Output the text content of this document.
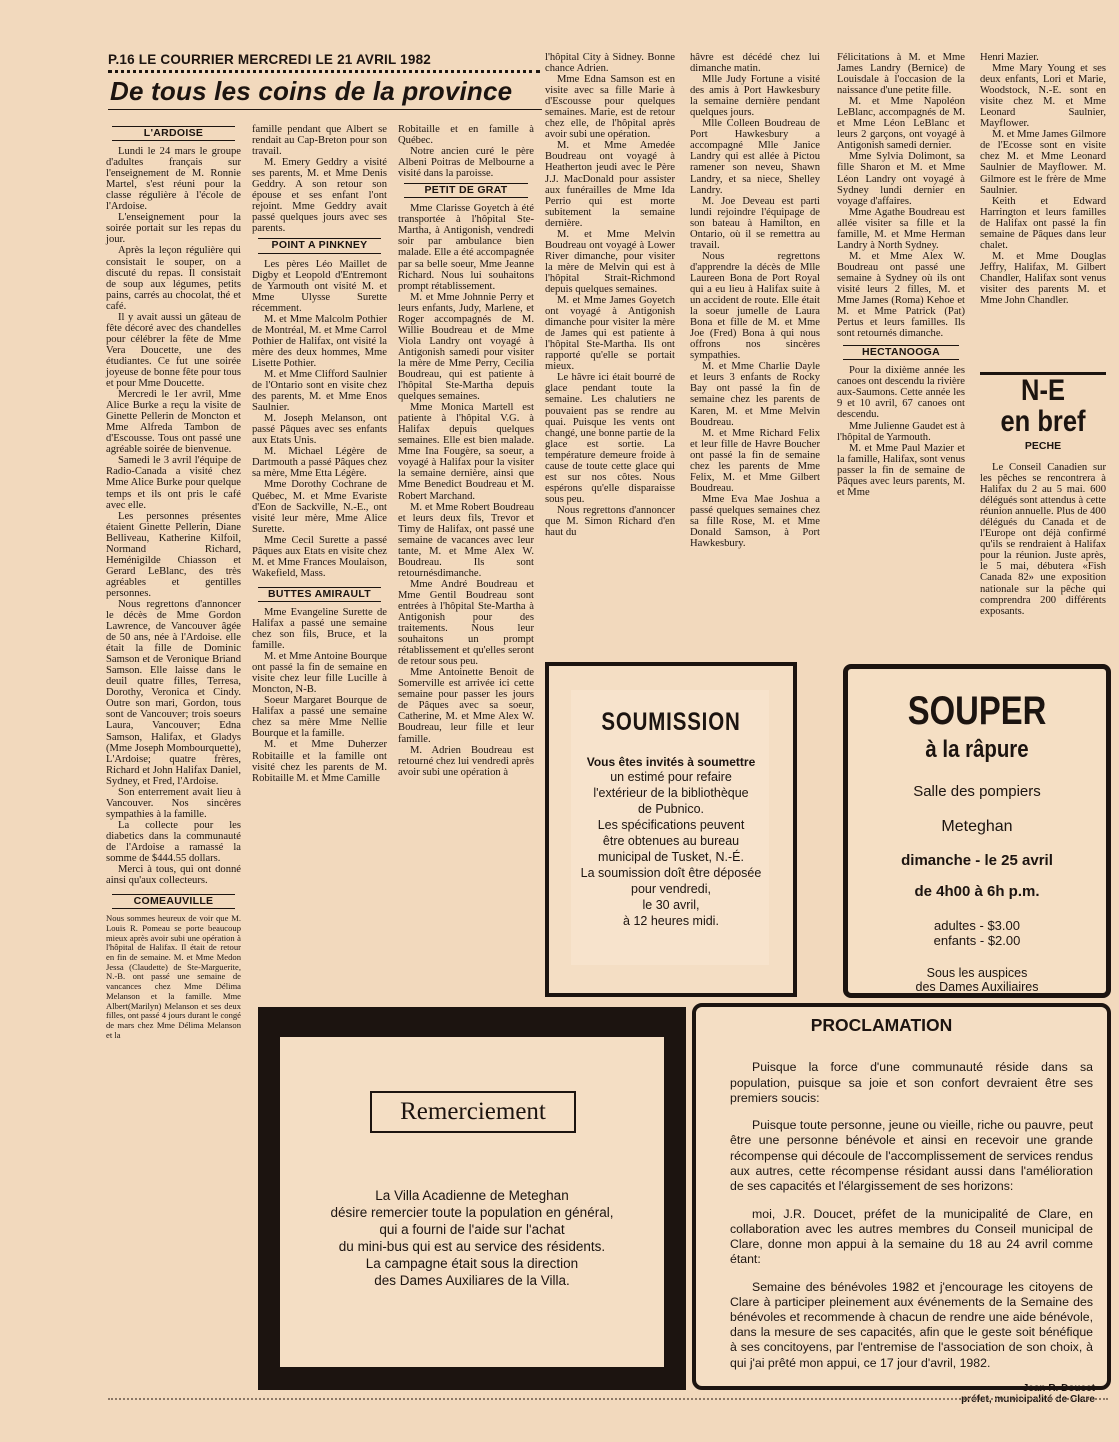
P.16 LE COURRIER MERCREDI LE 21 AVRIL 1982
De tous les coins de la province
L'ARDOISE

Lundi le 24 mars le groupe d'adultes français sur l'enseignement de M. Ronnie Martel, s'est réuni pour la classe régulière à l'école de l'Ardoise.

L'enseignement pour la soirée portait sur les repas du jour.

Après la leçon régulière qui consistait le souper, on a discuté du repas. Il consistait de soup aux légumes, petits pains, carrés au chocolat, thé et café.

Il y avait aussi un gâteau de fête décoré avec des chandelles pour célébrer la fête de Mme Vera Doucette, une des étudiantes. Ce fut une soirée joyeuse de bonne fête pour tous et pour Mme Doucette.

Mercredi le 1er avril, Mme Alice Burke a reçu la visite de Ginette Pellerin de Moncton et Mme Alfreda Tambon de d'Escousse. Tous ont passé une agréable soirée de bienvenue.

Samedi le 3 avril l'équipe de Radio-Canada a visité chez Mme Alice Burke pour quelque temps et ils ont pris le café avec elle.

Les personnes présentes étaient Ginette Pellerin, Diane Belliveau, Katherine Kilfoil, Normand Richard, Heménigilde Chiasson et Gerard LeBlanc, des très agréables et gentilles personnes.

Nous regrettons d'annoncer le décès de Mme Gordon Lawrence, de Vancouver âgée de 50 ans, née à l'Ardoise. elle était la fille de Dominic Samson et de Veronique Briand Samson. Elle laisse dans le deuil quatre filles, Terresa, Dorothy, Veronica et Cindy. Outre son mari, Gordon, tous sont de Vancouver; trois soeurs Laura, Vancouver; Edna Samson, Halifax, et Gladys (Mme Joseph Mombourquette), L'Ardoise; quatre frères, Richard et John Halifax Daniel, Sydney, et Fred, l'Ardoise.

Son enterrement avait lieu à Vancouver. Nos sincères sympathies à la famille.

La collecte pour les diabetics dans la communauté de l'Ardoise a ramassé la somme de $444.55 dollars.

Merci à tous, qui ont donné ainsi qu'aux collecteurs.

COMEAUVILLE

Nous sommes heureux de voir que M. Louis R. Pomeau se porte beaucoup mieux après avoir subi une opération à l'hôpital de Halifax. Il était de retour en fin de semaine. M. et Mme Medon Jessa (Claudette) de Ste-Marguerite, N.-B. ont passé une semaine de vancances chez Mme Délima Melanson et la famille. Mme Albert(Marilyn) Melanson et ses deux filles, ont passé 4 jours durant le congé de mars chez Mme Délima Melanson et la

famille pendant que Albert se rendait au Cap-Breton pour son travail.

M. Emery Geddry a visité ses parents, M. et Mme Denis Geddry. A son retour son épouse et ses enfant l'ont rejoint. Mme Geddry avait passé quelques jours avec ses parents.

POINT A PINKNEY

Les pères Léo Maillet de Digby et Leopold d'Entremont de Yarmouth ont visité M. et Mme Ulysse Surette récemment.

M. et Mme Malcolm Pothier de Montréal, M. et Mme Carrol Pothier de Halifax, ont visité la mère des deux hommes, Mme Lisette Pothier.

M. et Mme Clifford Saulnier de l'Ontario sont en visite chez des parents, M. et Mme Enos Saulnier.

M. Joseph Melanson, ont passé Pâques avec ses enfants aux Etats Unis.

M. Michael Légère de Dartmouth a passé Pâques chez sa mère, Mme Etta Légère.

Mme Dorothy Cochrane de Québec, M. et Mme Evariste d'Eon de Sackville, N.-E., ont visité leur mère, Mme Alice Surette.

Mme Cecil Surette a passé Pâques aux Etats en visite chez M. et Mme Frances Moulaison, Wakefield, Mass.

BUTTES AMIRAULT

Mme Evangeline Surette de Halifax a passé une semaine chez son fils, Bruce, et la famille.

M. et Mme Antoine Bourque ont passé la fin de semaine en visite chez leur fille Lucille à Moncton, N-B.

Soeur Margaret Bourque de Halifax a passé une semaine chez sa mère Mme Nellie Bourque et la famille.

M. et Mme Duherzer Robitaille et la famille ont visité chez les parents de M. Robitaille M. et Mme Camille

Robitaille et en famille à Québec.

Notre ancien curé le père Albeni Poitras de Melbourne a visité dans la paroisse.

PETIT DE GRAT

Mme Clarisse Goyetch à été transportée à l'hôpital Ste-Martha, à Antigonish, vendredi soir par ambulance bien malade. Elle a été accompagnée par sa belle soeur, Mme Jeanne Richard. Nous lui souhaitons prompt rétablissement.

M. et Mme Johnnie Perry et leurs enfants, Judy, Marlene, et Roger accompagnés de M. Willie Boudreau et de Mme Viola Landry ont voyagé à Antigonish samedi pour visiter la mère de Mme Perry, Cecilia Boudreau, qui est patiente à l'hôpital Ste-Martha depuis quelques semaines.

Mme Monica Martell est patiente à l'hôpital V.G. à Halifax depuis quelques semaines. Elle est bien malade. Mme Ina Fougère, sa soeur, a voyagé à Halifax pour la visiter la semaine dernière, ainsi que Mme Benedict Boudreau et M. Robert Marchand.

M. et Mme Robert Boudreau et leurs deux fils, Trevor et Timy de Halifax, ont passé une semaine de vacances avec leur tante, M. et Mme Alex W. Boudreau. Ils sont retournésdimanche.

Mme André Boudreau et Mme Gentil Boudreau sont entrées à l'hôpital Ste-Martha à Antigonish pour des traitements. Nous leur souhaitons un prompt rétablissement et qu'elles seront de retour sous peu.

Mme Antoinette Benoit de Somerville est arrivée ici cette semaine pour passer les jours de Pâques avec sa soeur, Catherine, M. et Mme Alex W. Boudreau, leur fille et leur famille.

M. Adrien Boudreau est retourné chez lui vendredi après avoir subi une opération à

l'hôpital City à Sidney. Bonne chance Adrien.

Mme Edna Samson est en visite avec sa fille Marie à d'Escousse pour quelques semaines. Marie, est de retour chez elle, de l'hôpital après avoir subi une opération.

M. et Mme Amedée Boudreau ont voyagé à Heatherton jeudi avec le Père J.J. MacDonald pour assister aux funérailles de Mme Ida Perrio qui est morte subitement la semaine dernière.

M. et Mme Melvin Boudreau ont voyagé à Lower River dimanche, pour visiter la mère de Melvin qui est à l'hôpital Strait-Richmond depuis quelques semaines.

M. et Mme James Goyetch ont voyagé à Antigonish dimanche pour visiter la mère de James qui est patiente à l'hôpital Ste-Martha. Ils ont rapporté qu'elle se portait mieux.

Le hâvre ici était bourré de glace pendant toute la semaine. Les chalutiers ne pouvaient pas se rendre au quai. Puisque les vents ont changé, une bonne partie de la glace est sortie. La température demeure froide à cause de toute cette glace qui est sur nos côtes. Nous espérons qu'elle disparaisse sous peu.

Nous regrettons d'annoncer que M. Simon Richard d'en haut du

hâvre est décédé chez lui dimanche matin.

Mlle Judy Fortune a visité des amis à Port Hawkesbury la semaine dernière pendant quelques jours.

Mlle Colleen Boudreau de Port Hawkesbury a accompagné Mlle Janice Landry qui est allée à Pictou ramener son neveu, Shawn Landry, et sa niece, Shelley Landry.

M. Joe Deveau est parti lundi rejoindre l'équipage de son bateau à Hamilton, en Ontario, où il se remettra au travail.

Nous regrettons d'apprendre la décès de Mlle Laureen Bona de Port Royal qui a eu lieu à Halifax suite à un accident de route. Elle était la soeur jumelle de Laura Bona et fille de M. et Mme Joe (Fred) Bona à qui nous offrons nos sincères sympathies.

M. et Mme Charlie Dayle et leurs 3 enfants de Rocky Bay ont passé la fin de semaine chez les parents de Karen, M. et Mme Melvin Boudreau.

M. et Mme Richard Felix et leur fille de Havre Boucher ont passé la fin de semaine chez les parents de Mme Felix, M. et Mme Gilbert Boudreau.

Mme Eva Mae Joshua a passé quelques semaines chez sa fille Rose, M. et Mme Donald Samson, à Port Hawkesbury.

Félicitations à M. et Mme James Landry (Bernice) de Louisdale à l'occasion de la naissance d'une petite fille.

M. et Mme Napoléon LeBlanc, accompagnés de M. et Mme Léon LeBlanc et leurs 2 garçons, ont voyagé à Antigonish samedi dernier.

Mme Sylvia Dolimont, sa fille Sharon et M. et Mme Léon Landry ont voyagé à Sydney lundi dernier en voyage d'affaires.

Mme Agathe Boudreau est allée visiter sa fille et la famille, M. et Mme Herman Landry à North Sydney.

M. et Mme Alex W. Boudreau ont passé une semaine à Sydney où ils ont visité leurs 2 filles, M. et Mme James (Roma) Kehoe et M. et Mme Patrick (Pat) Pertus et leurs familles. Ils sont retournés dimanche.

HECTANOOGA

Pour la dixième année les canoes ont descendu la rivière aux-Saumons. Cette année les 9 et 10 avril, 67 canoes ont descendu.

Mme Julienne Gaudet est à l'hôpital de Yarmouth.

M. et Mme Paul Mazier et la famille, Halifax, sont venus passer la fin de semaine de Pâques avec leurs parents, M. et Mme

Henri Mazier.

Mme Mary Young et ses deux enfants, Lori et Marie, Woodstock, N.-E. sont en visite chez M. et Mme Leonard Saulnier, Mayflower.

M. et Mme James Gilmore de l'Ecosse sont en visite chez M. et Mme Leonard Saulnier de Mayflower. M. Gilmore est le frère de Mme Saulnier.

Keith et Edward Harrington et leurs familles de Halifax ont passé la fin semaine de Pâques dans leur chalet.

M. et Mme Douglas Jeffry, Halifax, M. Gilbert Chandler, Halifax sont venus visiter des parents M. et Mme John Chandler.

N-E
en bref
PECHE

Le Conseil Canadien sur les pêches se rencontrera à Halifax du 2 au 5 mai. 600 délégués sont attendus à cette réunion annuelle. Plus de 400 délégués du Canada et de l'Europe ont déjà confirmé qu'ils se rendraient à Halifax pour la réunion. Juste après, le 5 mai, débutera «Fish Canada 82» une exposition nationale sur la pêche qui comprendra 200 différents exposants.

SOUMISSION
Vous êtes invités à soumettre
un estimé pour refaire
l'extérieur de la bibliothèque
de Pubnico.
Les spécifications peuvent
être obtenues au bureau
municipal de Tusket, N.-É.
La soumission doît être déposée
pour vendredi,
le 30 avril,
à 12 heures midi.
SOUPER
à la râpure
Salle des pompiers
Meteghan
dimanche - le 25 avril
de 4h00 à 6h p.m.
adultes - $3.00
enfants - $2.00
Sous les auspices
des Dames Auxiliaires
Remerciement
La Villa Acadienne de Meteghan
désire remercier toute la population en général,
qui a fourni de l'aide sur l'achat
du mini-bus qui est au service des résidents.
La campagne était sous la direction
des Dames Auxiliares de la Villa.
PROCLAMATION

Puisque la force d'une communauté réside dans sa population, puisque sa joie et son confort devraient être ses premiers soucis:

Puisque toute personne, jeune ou vieille, riche ou pauvre, peut être une personne bénévole et ainsi en recevoir une grande récompense qui découle de l'accomplissement de services rendus aux autres, cette récompense résidant aussi dans l'amélioration de ses capacités et l'élargissement de ses horizons:

moi, J.R. Doucet, préfet de la municipalité de Clare, en collaboration avec les autres membres du Conseil municipal de Clare, donne mon appui à la semaine du 18 au 24 avril comme étant:

Semaine des bénévoles 1982 et j'encourage les citoyens de Clare à participer pleinement aux événements de la Semaine des bénévoles et recommende à chacun de rendre une aide bénévole, dans la mesure de ses capacités, afin que le geste soit bénéfique à ses concitoyens, par l'entremise de l'association de son choix, à qui j'ai prêté mon appui, ce 17 jour d'avril, 1982.

Jean R. Doucet
préfet, municipalité de Clare
